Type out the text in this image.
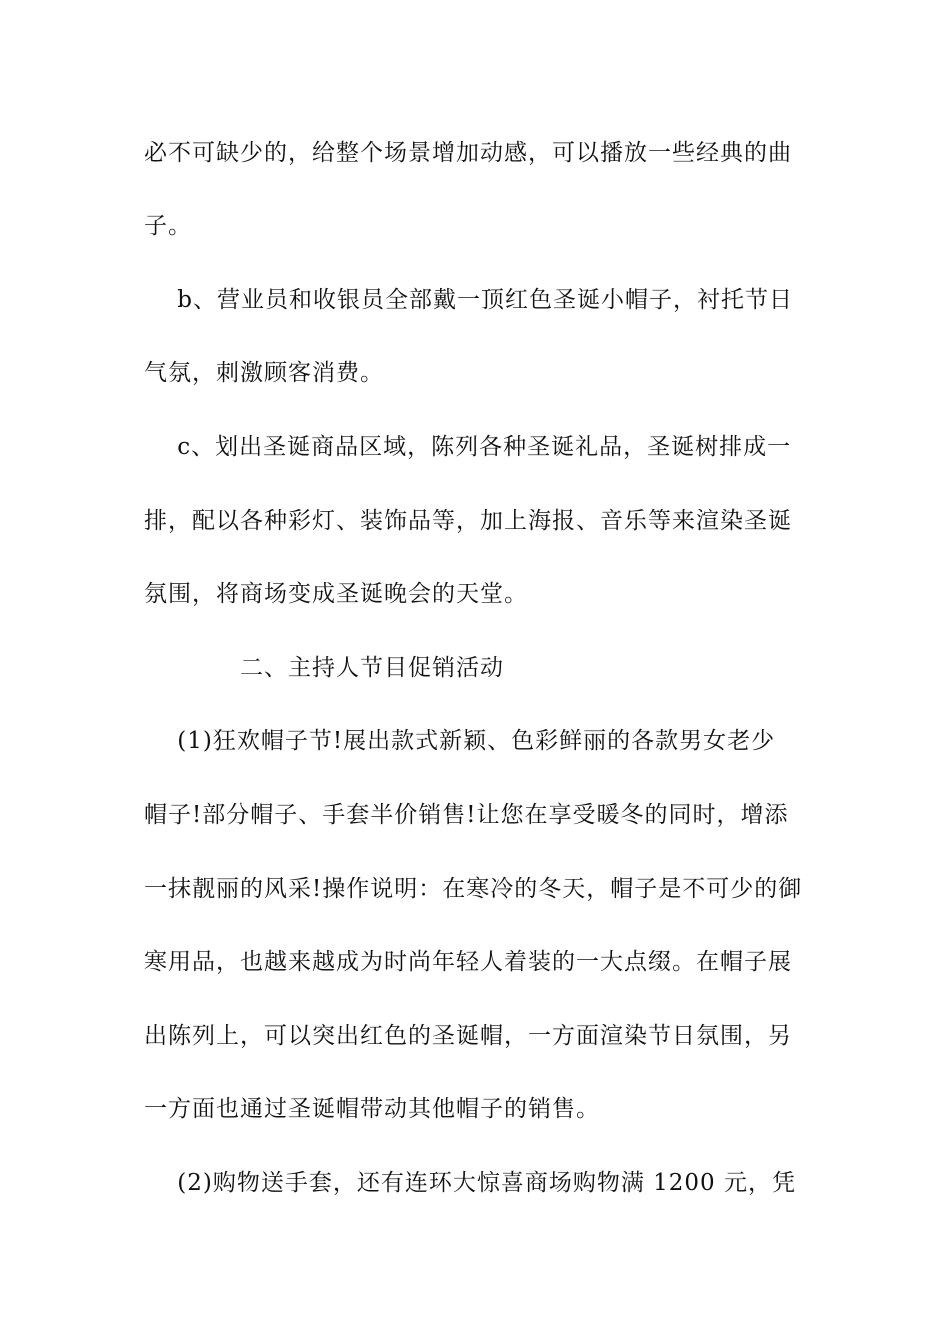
必不可缺少的，给整个场景增加动感，可以播放一些经典的曲
子。
b、营业员和收银员全部戴一顶红色圣诞小帽子，衬托节日
气氛，刺激顾客消费。
c、划出圣诞商品区域，陈列各种圣诞礼品，圣诞树排成一
排，配以各种彩灯、装饰品等，加上海报、音乐等来渲染圣诞
氛围，将商场变成圣诞晚会的天堂。
二、主持人节目促销活动
(1)狂欢帽子节!展出款式新颖、色彩鲜丽的各款男女老少
帽子!部分帽子、手套半价销售!让您在享受暖冬的同时，增添
一抹靓丽的风采!操作说明：在寒冷的冬天，帽子是不可少的御
寒用品，也越来越成为时尚年轻人着装的一大点缀。在帽子展
出陈列上，可以突出红色的圣诞帽，一方面渲染节日氛围，另
一方面也通过圣诞帽带动其他帽子的销售。
(2)购物送手套，还有连环大惊喜商场购物满 1200 元，凭
